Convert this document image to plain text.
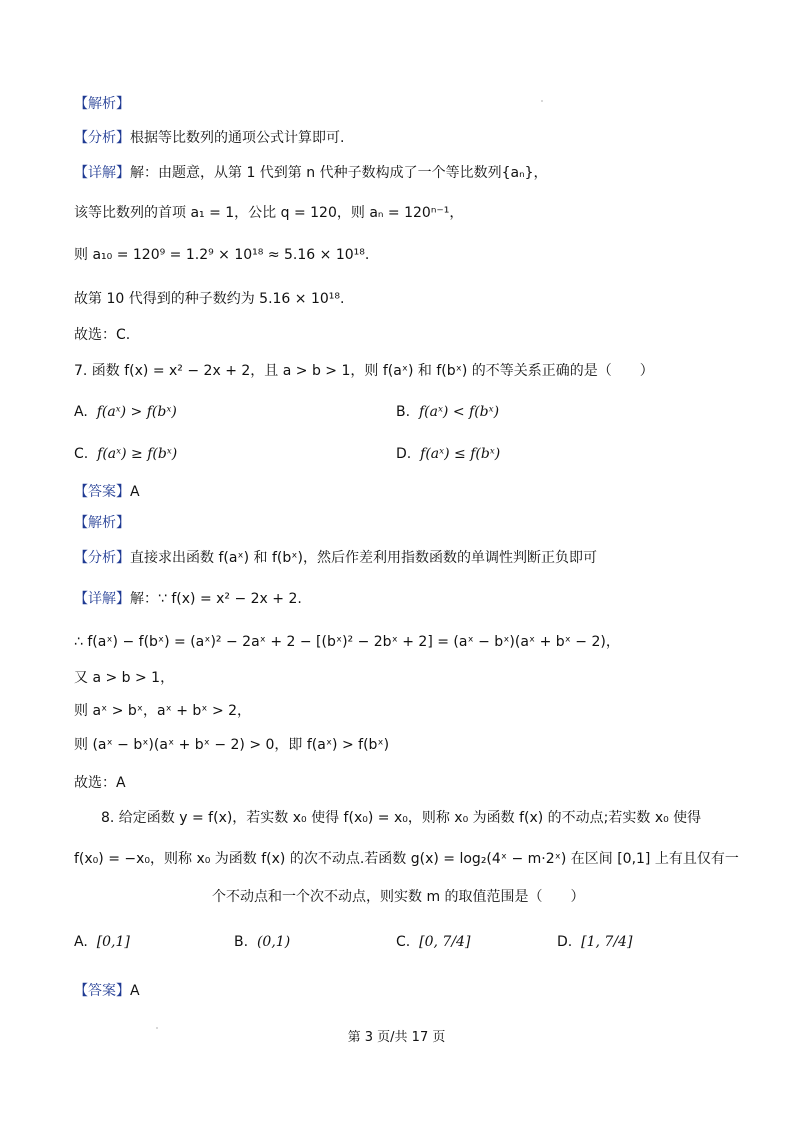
【解析】
【分析】根据等比数列的通项公式计算即可.
【详解】解：由题意，从第 1 代到第 n 代种子数构成了一个等比数列{aₙ}，
该等比数列的首项 a₁ = 1，公比 q = 120，则 aₙ = 120ⁿ⁻¹，
则 a₁₀ = 120⁹ = 1.2⁹ × 10¹⁸ ≈ 5.16 × 10¹⁸.
故第 10 代得到的种子数约为 5.16 × 10¹⁸.
故选：C.
7. 函数 f(x) = x² − 2x + 2，且 a > b > 1，则 f(aˣ) 和 f(bˣ) 的不等关系正确的是（　　）
A. f(aˣ) > f(bˣ)	B. f(aˣ) < f(bˣ)
C. f(aˣ) ≥ f(bˣ)	D. f(aˣ) ≤ f(bˣ)
【答案】A
【解析】
【分析】直接求出函数 f(aˣ) 和 f(bˣ)，然后作差利用指数函数的单调性判断正负即可
【详解】解：∵ f(x) = x² − 2x + 2.
∴ f(aˣ) − f(bˣ) = (aˣ)² − 2aˣ + 2 − [(bˣ)² − 2bˣ + 2] = (aˣ − bˣ)(aˣ + bˣ − 2)，
又 a > b > 1，
则 aˣ > bˣ，aˣ + bˣ > 2，
则 (aˣ − bˣ)(aˣ + bˣ − 2) > 0，即 f(aˣ) > f(bˣ)
故选：A
8. 给定函数 y = f(x)，若实数 x₀ 使得 f(x₀) = x₀，则称 x₀ 为函数 f(x) 的不动点;若实数 x₀ 使得
f(x₀) = −x₀，则称 x₀ 为函数 f(x) 的次不动点.若函数 g(x) = log₂(4ˣ − m·2ˣ) 在区间 [0,1] 上有且仅有一
个不动点和一个次不动点，则实数 m 的取值范围是（　　）
A. [0,1]	B. (0,1)	C. [0, 7/4]	D. [1, 7/4]
【答案】A
第 3 页/共 17 页
